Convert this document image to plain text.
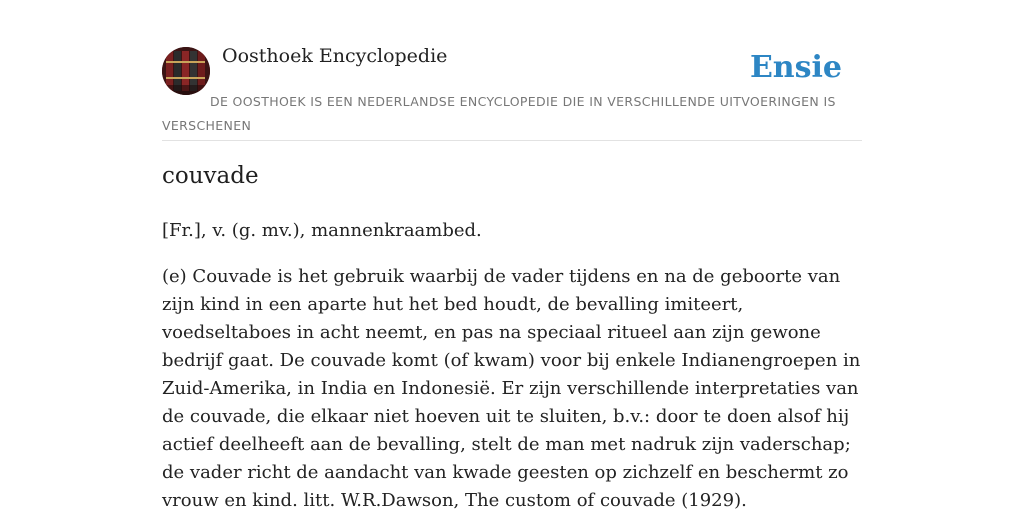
Oosthoek Encyclopedie	Ensie
DE OOSTHOEK IS EEN NEDERLANDSE ENCYCLOPEDIE DIE IN VERSCHILLENDE UITVOERINGEN IS VERSCHENEN
couvade

[Fr.], v. (g. mv.), mannenkraambed.

(e) Couvade is het gebruik waarbij de vader tijdens en na de geboorte van zijn kind in een aparte hut het bed houdt, de bevalling imiteert, voedseltaboes in acht neemt, en pas na speciaal ritueel aan zijn gewone bedrijf gaat. De couvade komt (of kwam) voor bij enkele Indianengroepen in Zuid-Amerika, in India en Indonesië. Er zijn verschillende interpretaties van de couvade, die elkaar niet hoeven uit te sluiten, b.v.: door te doen alsof hij actief deelheeft aan de bevalling, stelt de man met nadruk zijn vaderschap; de vader richt de aandacht van kwade geesten op zichzelf en beschermt zo vrouw en kind. litt. W.R.Dawson, The custom of couvade (1929).
